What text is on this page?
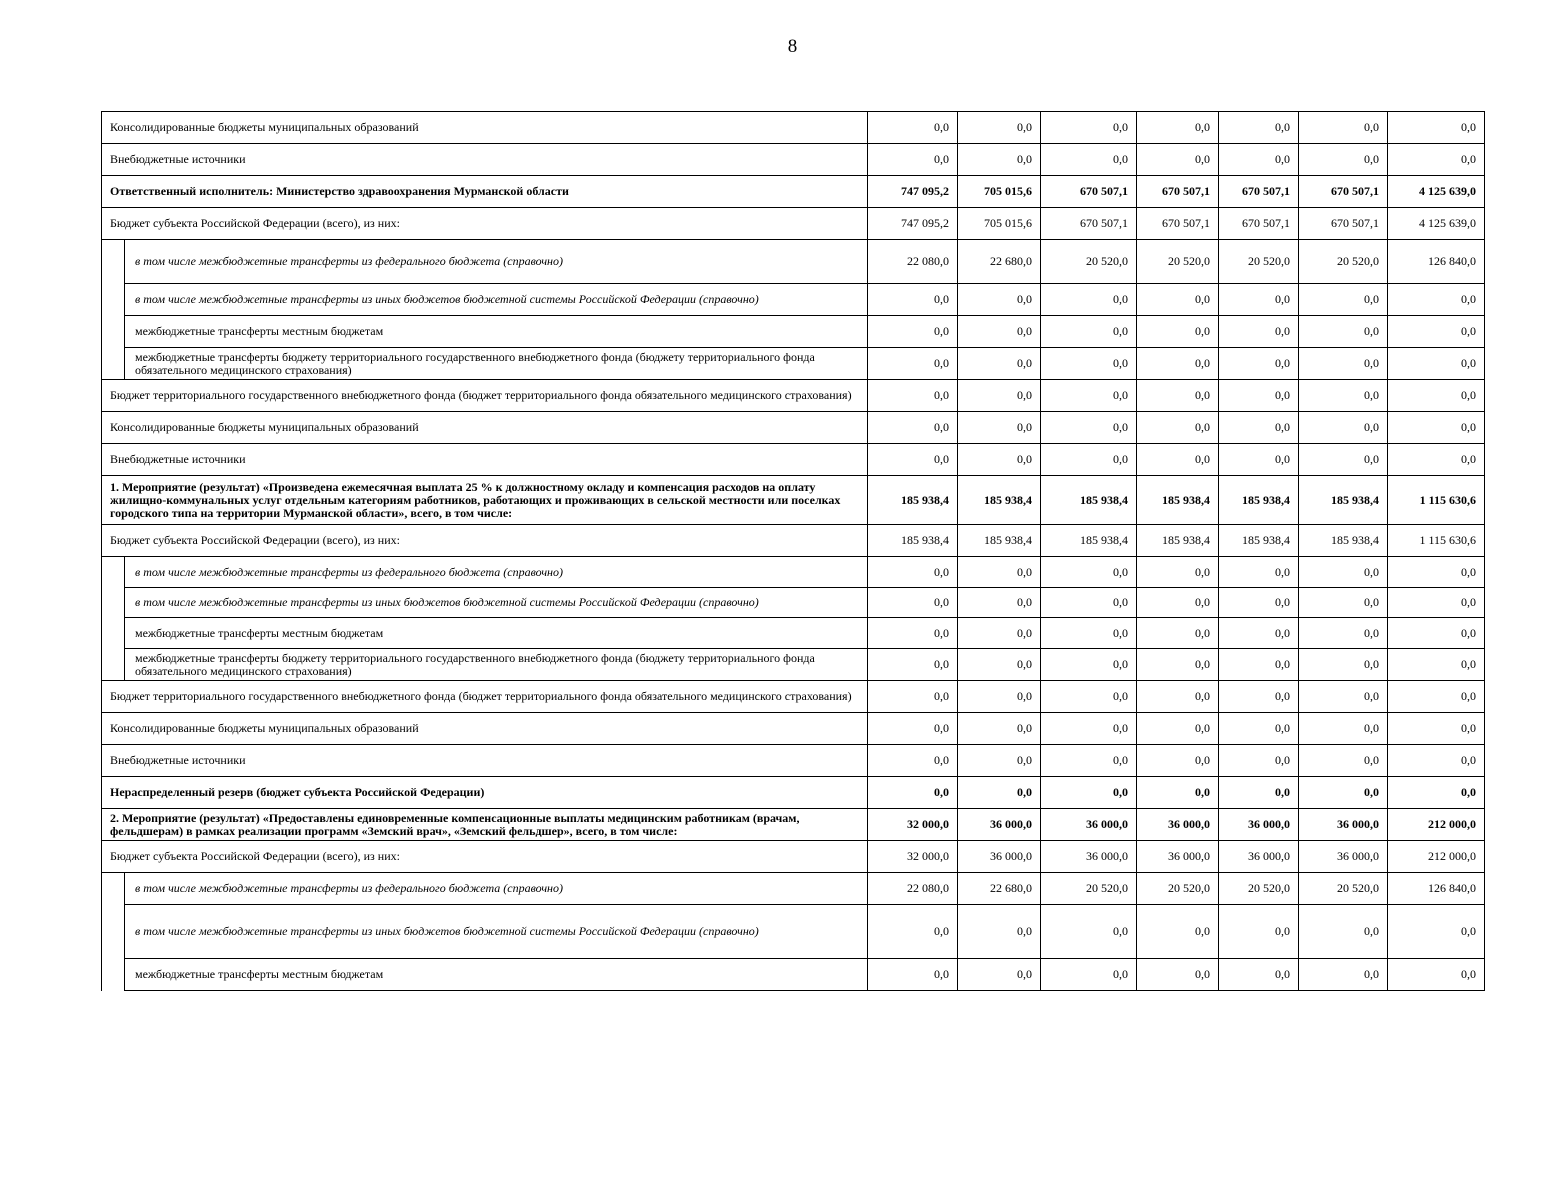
8
Консолидированные бюджеты муниципальных образований		0,0	0,0	0,0	0,0	0,0	0,0	0,0
Внебюджетные источники		0,0	0,0	0,0	0,0	0,0	0,0	0,0
Ответственный исполнитель: Министерство здравоохранения Мурманской области		747 095,2	705 015,6	670 507,1	670 507,1	670 507,1	670 507,1	4 125 639,0
Бюджет субъекта Российской Федерации (всего), из них:		747 095,2	705 015,6	670 507,1	670 507,1	670 507,1	670 507,1	4 125 639,0
	в том числе межбюджетные трансферты из федерального бюджета (справочно)	22 080,0	22 680,0	20 520,0	20 520,0	20 520,0	20 520,0	126 840,0
	в том числе межбюджетные трансферты из иных бюджетов бюджетной системы Российской Федерации (справочно)	0,0	0,0	0,0	0,0	0,0	0,0	0,0
	межбюджетные трансферты местным бюджетам	0,0	0,0	0,0	0,0	0,0	0,0	0,0
	межбюджетные трансферты бюджету территориального государственного внебюджетного фонда (бюджету территориального фонда обязательного медицинского страхования)	0,0	0,0	0,0	0,0	0,0	0,0	0,0
Бюджет территориального государственного внебюджетного фонда (бюджет территориального фонда обязательного медицинского страхования)		0,0	0,0	0,0	0,0	0,0	0,0	0,0
Консолидированные бюджеты муниципальных образований		0,0	0,0	0,0	0,0	0,0	0,0	0,0
Внебюджетные источники		0,0	0,0	0,0	0,0	0,0	0,0	0,0
1. Мероприятие (результат) «Произведена ежемесячная выплата 25 % к должностному окладу и компенсация расходов на оплату жилищно-коммунальных услуг отдельным категориям работников, работающих и проживающих в сельской местности или поселках городского типа на территории Мурманской области», всего, в том числе:		185 938,4	185 938,4	185 938,4	185 938,4	185 938,4	185 938,4	1 115 630,6
Бюджет субъекта Российской Федерации (всего), из них:		185 938,4	185 938,4	185 938,4	185 938,4	185 938,4	185 938,4	1 115 630,6
	в том числе межбюджетные трансферты из федерального бюджета (справочно)	0,0	0,0	0,0	0,0	0,0	0,0	0,0
	в том числе межбюджетные трансферты из иных бюджетов бюджетной системы Российской Федерации (справочно)	0,0	0,0	0,0	0,0	0,0	0,0	0,0
	межбюджетные трансферты местным бюджетам	0,0	0,0	0,0	0,0	0,0	0,0	0,0
	межбюджетные трансферты бюджету территориального государственного внебюджетного фонда (бюджету территориального фонда обязательного медицинского страхования)	0,0	0,0	0,0	0,0	0,0	0,0	0,0
Бюджет территориального государственного внебюджетного фонда (бюджет территориального фонда обязательного медицинского страхования)		0,0	0,0	0,0	0,0	0,0	0,0	0,0
Консолидированные бюджеты муниципальных образований		0,0	0,0	0,0	0,0	0,0	0,0	0,0
Внебюджетные источники		0,0	0,0	0,0	0,0	0,0	0,0	0,0
Нераспределенный резерв (бюджет субъекта Российской Федерации)		0,0	0,0	0,0	0,0	0,0	0,0	0,0
2. Мероприятие (результат) «Предоставлены единовременные компенсационные выплаты медицинским работникам (врачам, фельдшерам) в рамках реализации программ «Земский врач», «Земский фельдшер», всего, в том числе:		32 000,0	36 000,0	36 000,0	36 000,0	36 000,0	36 000,0	212 000,0
Бюджет субъекта Российской Федерации (всего), из них:		32 000,0	36 000,0	36 000,0	36 000,0	36 000,0	36 000,0	212 000,0
	в том числе межбюджетные трансферты из федерального бюджета (справочно)	22 080,0	22 680,0	20 520,0	20 520,0	20 520,0	20 520,0	126 840,0
	в том числе межбюджетные трансферты из иных бюджетов бюджетной системы Российской Федерации (справочно)	0,0	0,0	0,0	0,0	0,0	0,0	0,0
	межбюджетные трансферты местным бюджетам	0,0	0,0	0,0	0,0	0,0	0,0	0,0
